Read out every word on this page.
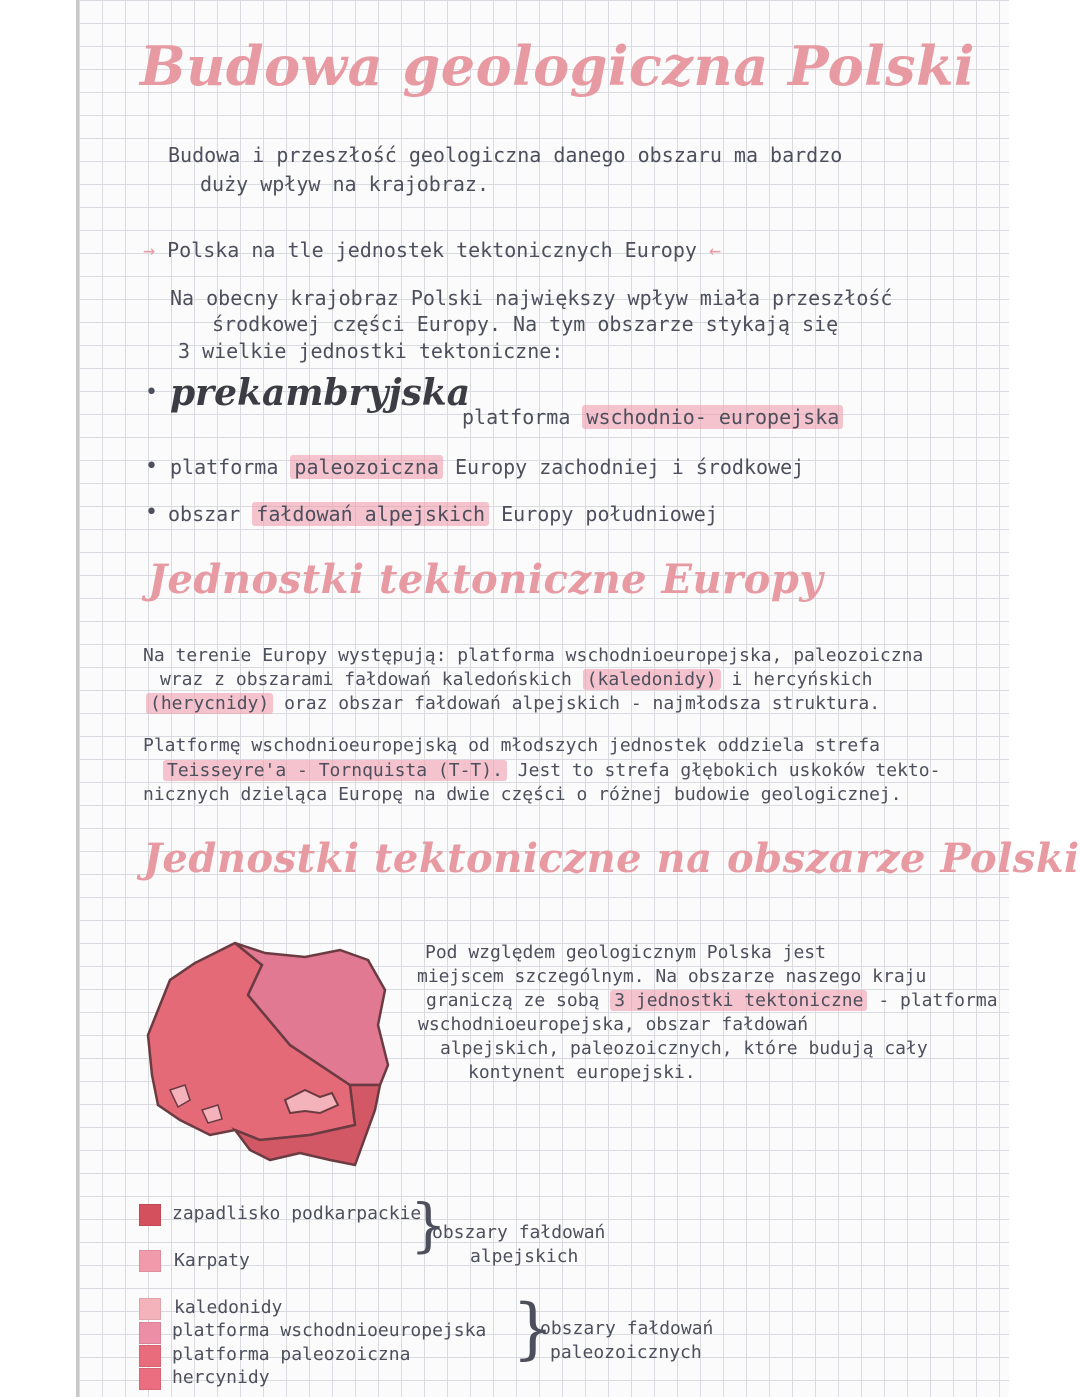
Budowa geologiczna Polski
Budowa i przeszłość geologiczna danego obszaru ma bardzo
duży wpływ na krajobraz.
→ Polska na tle jednostek tektonicznych Europy ←
Na obecny krajobraz Polski największy wpływ miała przeszłość
środkowej części Europy. Na tym obszarze stykają się
3 wielkie jednostki tektoniczne:
• prekambryjska
platforma wschodnio- europejska
• platforma paleozoiczna Europy zachodniej i środkowej
• obszar fałdowań alpejskich Europy południowej
Jednostki tektoniczne Europy
Na terenie Europy występują: platforma wschodnioeuropejska, paleozoiczna
wraz z obszarami fałdowań kaledońskich (kaledonidy) i hercyńskich
(herycnidy) oraz obszar fałdowań alpejskich - najmłodsza struktura.
Platformę wschodnioeuropejską od młodszych jednostek oddziela strefa
Teisseyre'a - Tornquista (T-T). Jest to strefa głębokich uskoków tekto-
nicznych dzieląca Europę na dwie części o różnej budowie geologicznej.
Jednostki tektoniczne na obszarze Polski
Pod względem geologicznym Polska jest
miejscem szczególnym. Na obszarze naszego kraju
graniczą ze sobą 3 jednostki tektoniczne - platforma
wschodnioeuropejska, obszar fałdowań
alpejskich, paleozoicznych, które budują cały
kontynent europejski.
zapadlisko podkarpackie
Karpaty
}
obszary fałdowań
alpejskich
kaledonidy
platforma wschodnioeuropejska
platforma paleozoiczna
hercynidy
}
obszary fałdowań
paleozoicznych
